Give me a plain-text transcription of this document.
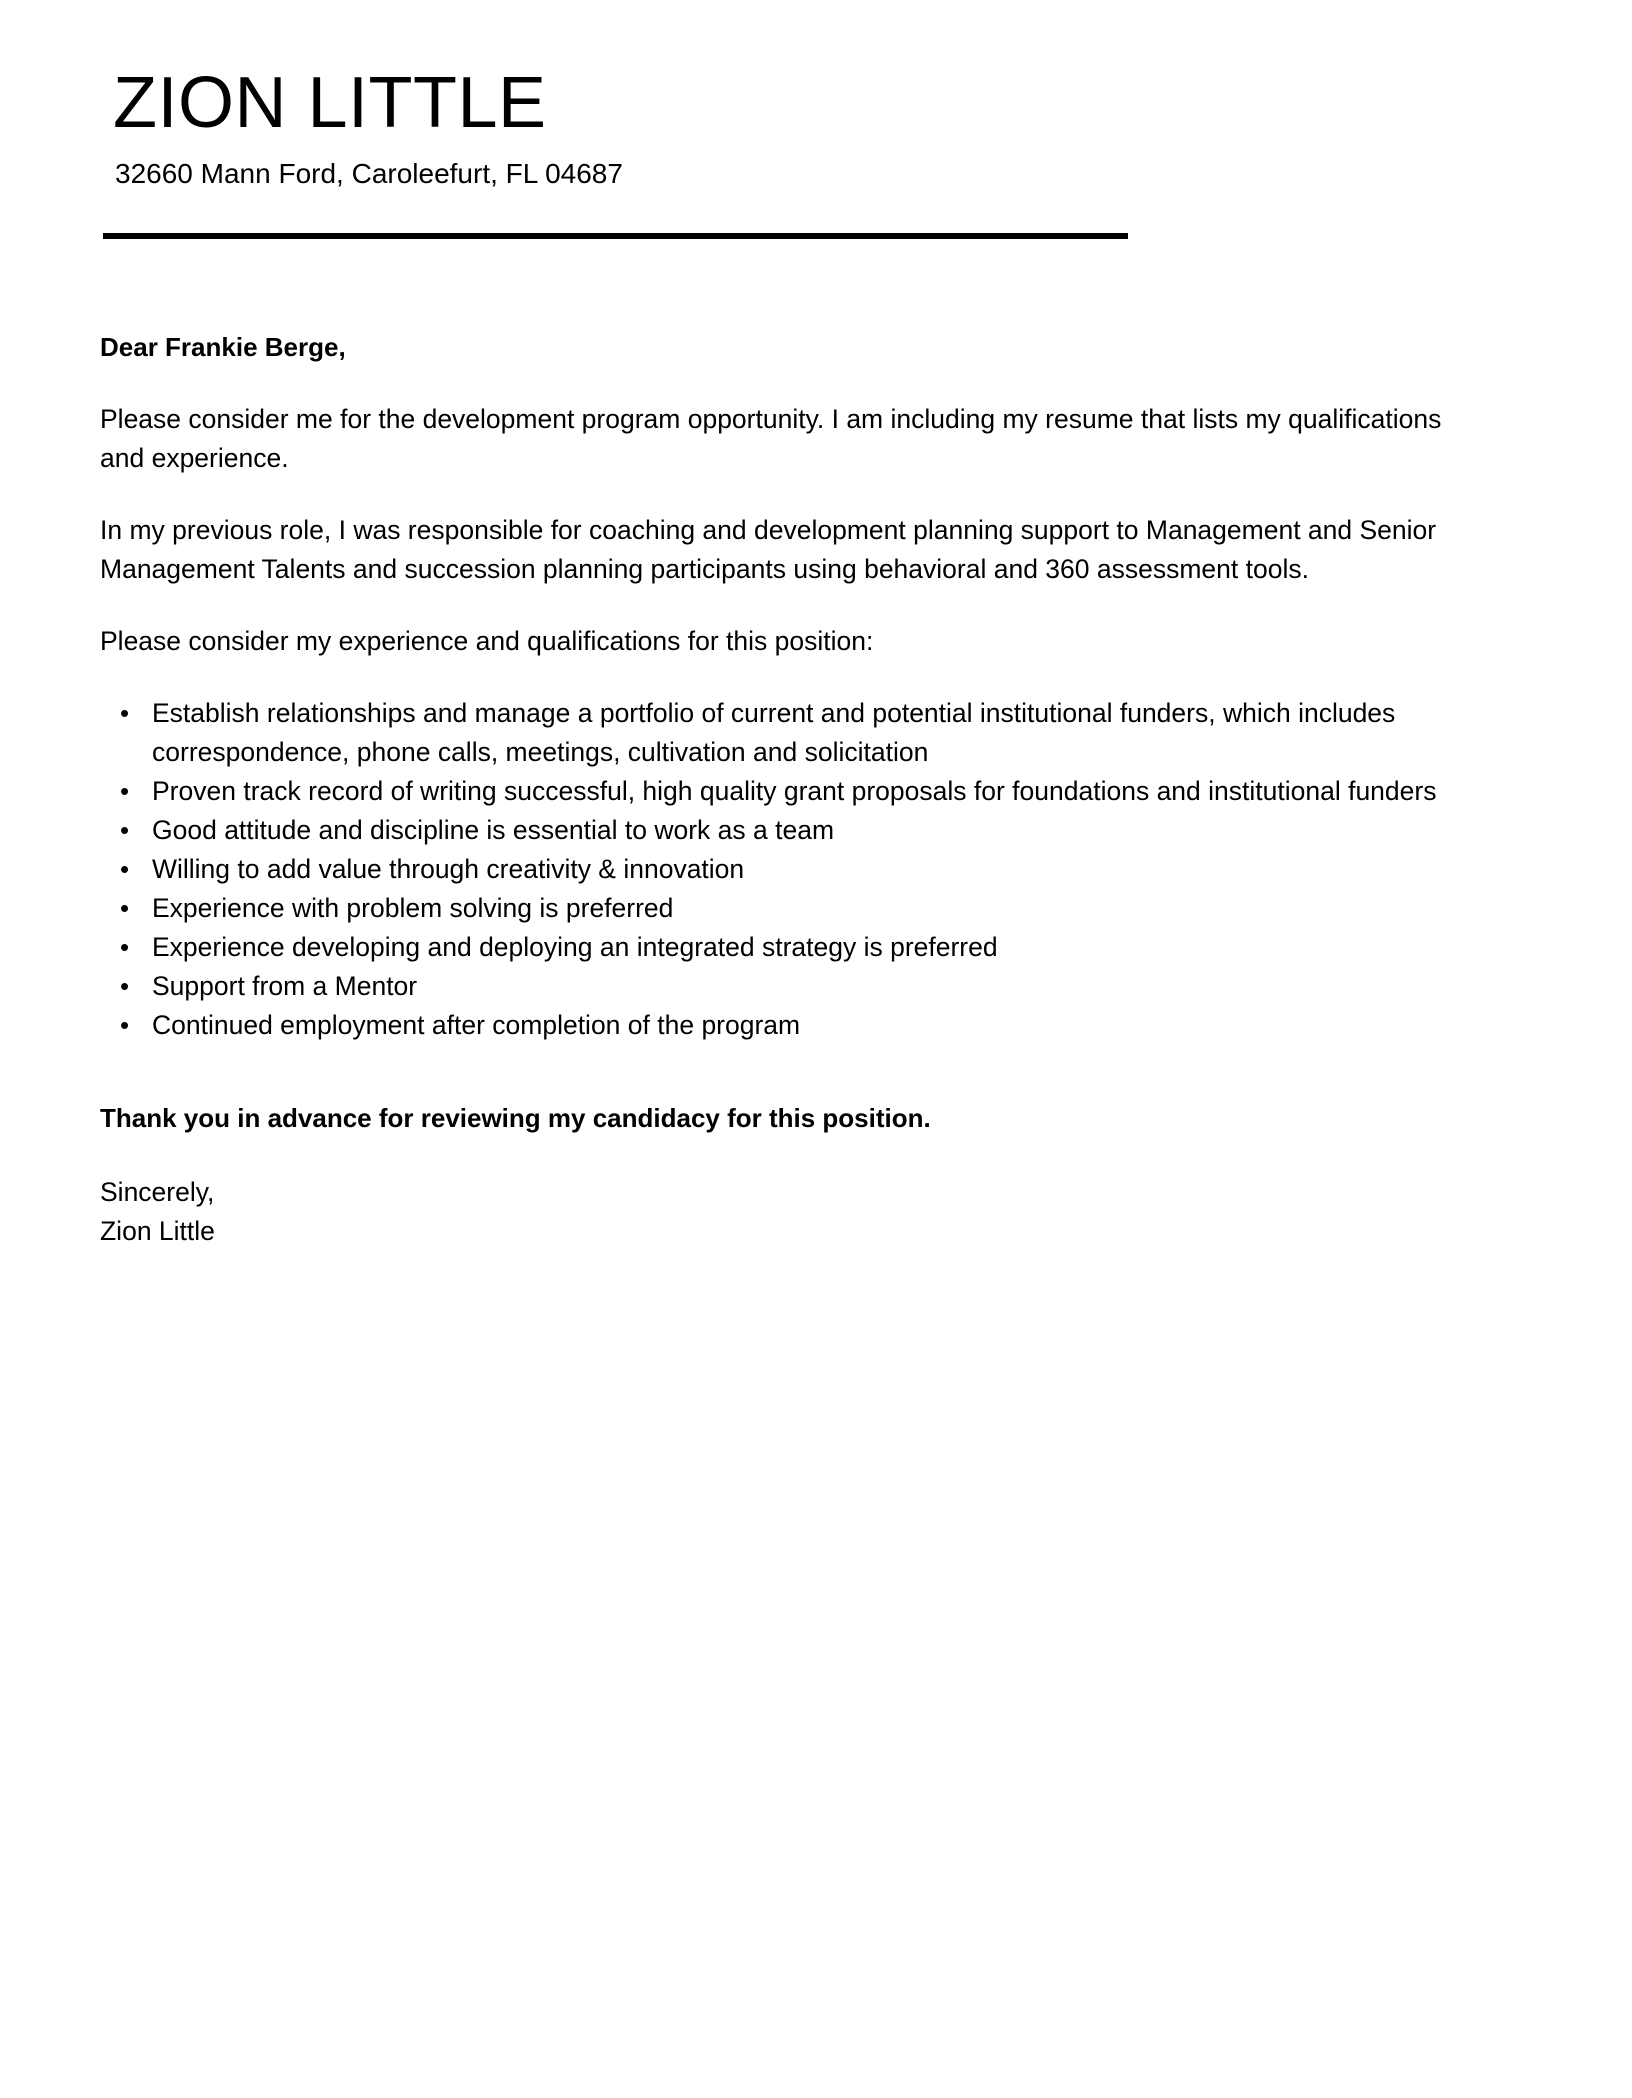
ZION LITTLE
32660 Mann Ford, Caroleefurt, FL 04687
Dear Frankie Berge,

Please consider me for the development program opportunity. I am including my resume that lists my qualifications and experience.

In my previous role, I was responsible for coaching and development planning support to Management and Senior Management Talents and succession planning participants using behavioral and 360 assessment tools.

Please consider my experience and qualifications for this position:

• Establish relationships and manage a portfolio of current and potential institutional funders, which includes correspondence, phone calls, meetings, cultivation and solicitation
• Proven track record of writing successful, high quality grant proposals for foundations and institutional funders
• Good attitude and discipline is essential to work as a team
• Willing to add value through creativity & innovation
• Experience with problem solving is preferred
• Experience developing and deploying an integrated strategy is preferred
• Support from a Mentor
• Continued employment after completion of the program
Thank you in advance for reviewing my candidacy for this position.
Sincerely,
Zion Little
